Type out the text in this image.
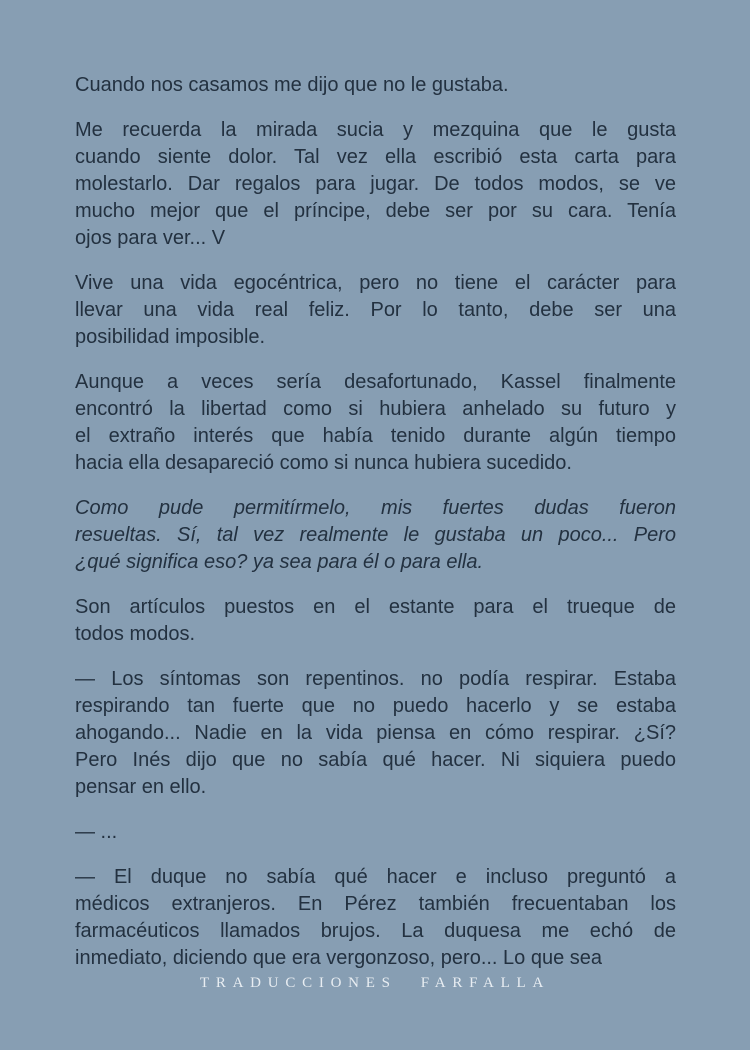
Cuando nos casamos me dijo que no le gustaba.

Me recuerda la mirada sucia y mezquina que le gusta
cuando siente dolor. Tal vez ella escribió esta carta para
molestarlo. Dar regalos para jugar. De todos modos, se ve
mucho mejor que el príncipe, debe ser por su cara. Tenía
ojos para ver... V

Vive una vida egocéntrica, pero no tiene el carácter para
llevar una vida real feliz. Por lo tanto, debe ser una
posibilidad imposible.

Aunque a veces sería desafortunado, Kassel finalmente
encontró la libertad como si hubiera anhelado su futuro y
el extraño interés que había tenido durante algún tiempo
hacia ella desapareció como si nunca hubiera sucedido.

Como pude permitírmelo, mis fuertes dudas fueron
resueltas. Sí, tal vez realmente le gustaba un poco... Pero
¿qué significa eso? ya sea para él o para ella.

Son artículos puestos en el estante para el trueque de
todos modos.

— Los síntomas son repentinos. no podía respirar. Estaba
respirando tan fuerte que no puedo hacerlo y se estaba
ahogando... Nadie en la vida piensa en cómo respirar. ¿Sí?
Pero Inés dijo que no sabía qué hacer. Ni siquiera puedo
pensar en ello.

— ...

— El duque no sabía qué hacer e incluso preguntó a
médicos extranjeros. En Pérez también frecuentaban los
farmacéuticos llamados brujos. La duquesa me echó de
inmediato, diciendo que era vergonzoso, pero... Lo que sea

TRADUCCIONES FARFALLA
